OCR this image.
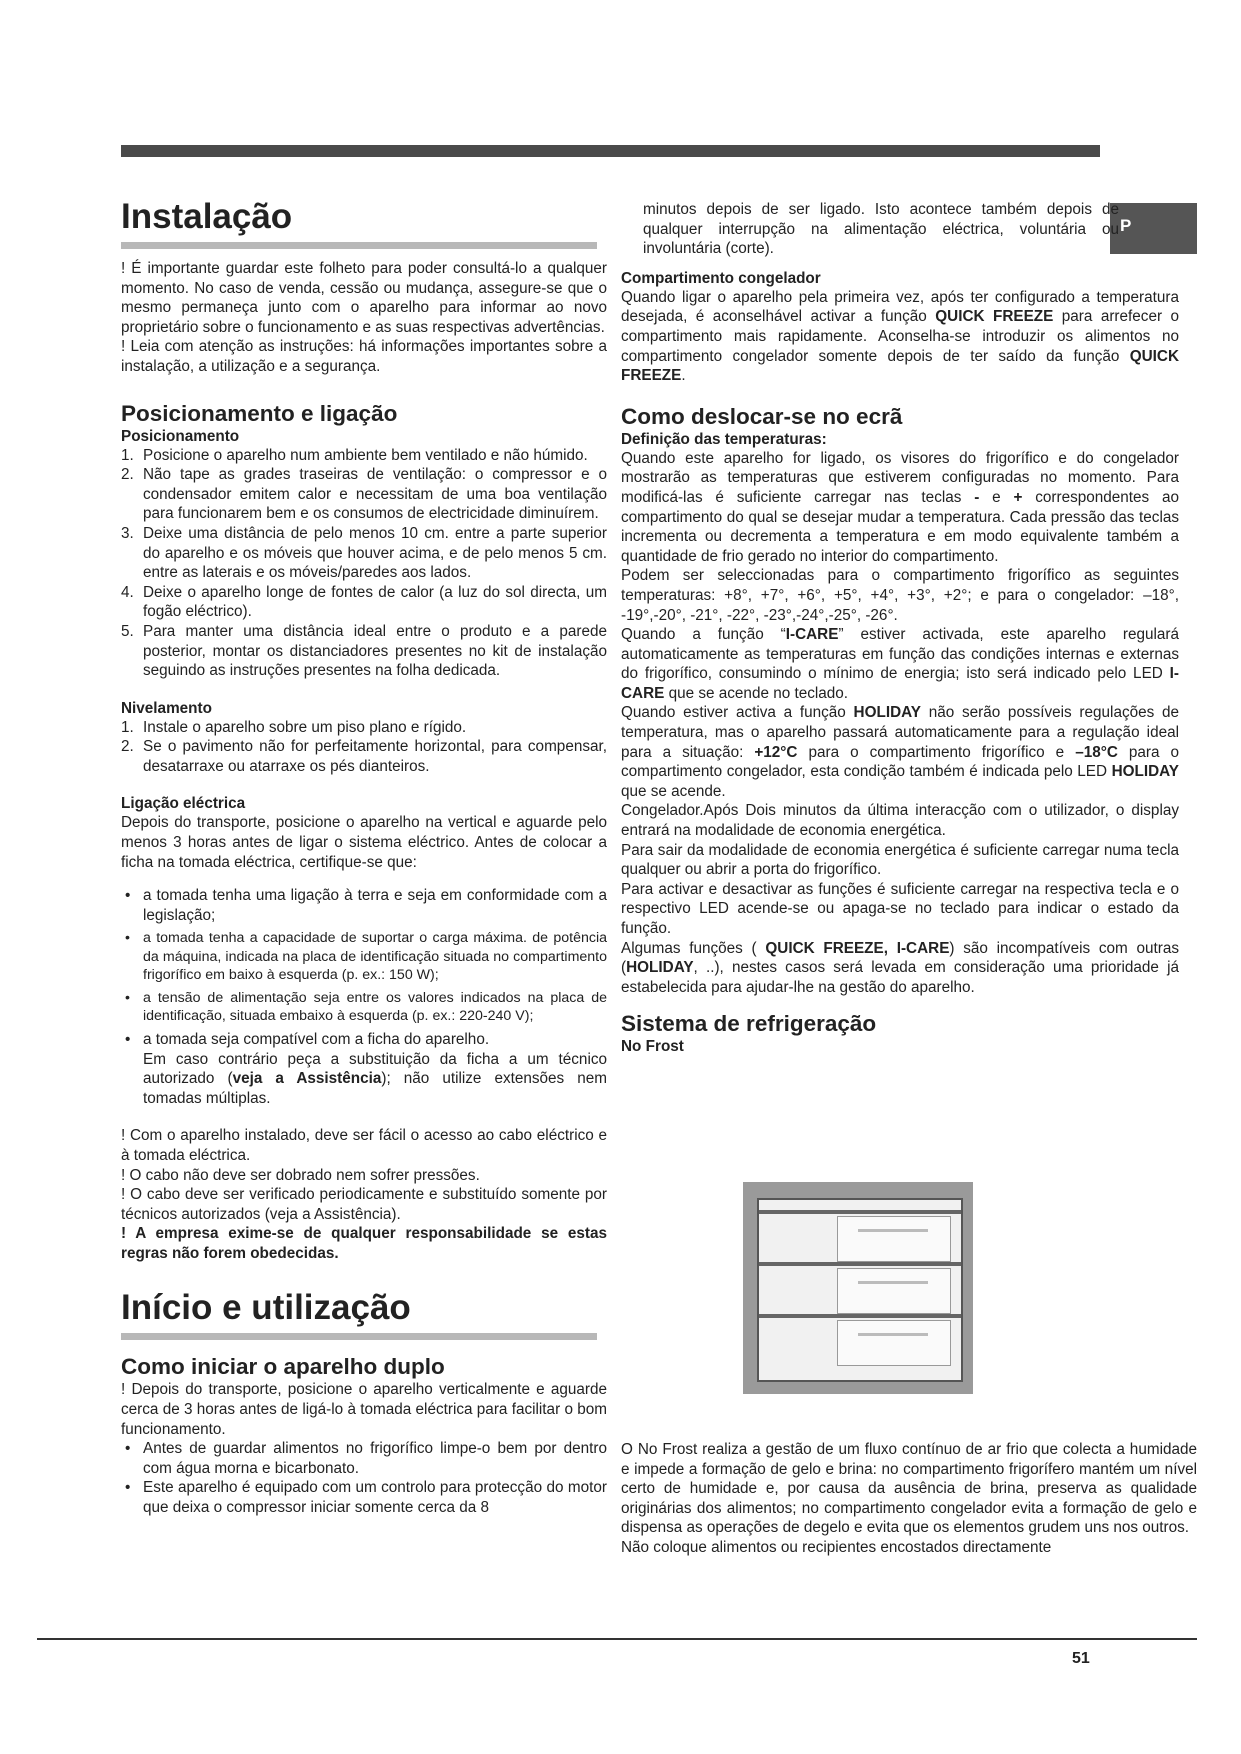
P
Instalação

! É importante guardar este folheto para poder consultá-lo a qualquer momento. No caso de venda, cessão ou mudança, assegure-se que o mesmo permaneça junto com o aparelho para informar ao novo proprietário sobre o funcionamento e as suas respectivas advertências.

! Leia com atenção as instruções: há informações importantes sobre a instalação, a utilização e a segurança.

Posicionamento e ligação
Posicionamento
1. Posicione o aparelho num ambiente bem ventilado e não húmido.
2. Não tape as grades traseiras de ventilação: o compressor e o condensador emitem calor e necessitam de uma boa ventilação para funcionarem bem e os consumos de electricidade diminuírem.
3. Deixe uma distância de pelo menos 10 cm. entre a parte superior do aparelho e os móveis que houver acima, e de pelo menos 5 cm. entre as laterais e os móveis/paredes aos lados.
4. Deixe o aparelho longe de fontes de calor (a luz do sol directa, um fogão eléctrico).
5. Para manter uma distância ideal entre o produto e a parede posterior, montar os distanciadores presentes no kit de instalação seguindo as instruções presentes na folha dedicada.
Nivelamento
1. Instale o aparelho sobre um piso plano e rígido.
2. Se o pavimento não for perfeitamente horizontal, para compensar, desatarraxe ou atarraxe os pés dianteiros.
Ligação eléctrica

Depois do transporte, posicione o aparelho na vertical e aguarde pelo menos 3 horas antes de ligar o sistema eléctrico. Antes de colocar a ficha na tomada eléctrica, certifique-se que:

• a tomada tenha uma ligação à terra e seja em conformidade com a legislação;
• a tomada tenha a capacidade de suportar o carga máxima. de potência da máquina, indicada na placa de identificação situada no compartimento frigorífico em baixo à esquerda (p. ex.: 150 W);
• a tensão de alimentação seja entre os valores indicados na placa de identificação, situada embaixo à esquerda (p. ex.: 220-240 V);
• a tomada seja compatível com a ficha do aparelho.

Em caso contrário peça a substituição da ficha a um técnico autorizado (veja a Assistência); não utilize extensões nem tomadas múltiplas.

! Com o aparelho instalado, deve ser fácil o acesso ao cabo eléctrico e à tomada eléctrica.

! O cabo não deve ser dobrado nem sofrer pressões.

! O cabo deve ser verificado periodicamente e substituído somente por técnicos autorizados (veja a Assistência).

! A empresa exime-se de qualquer responsabilidade se estas regras não forem obedecidas.

Início e utilização
Como iniciar o aparelho duplo

! Depois do transporte, posicione o aparelho verticalmente e aguarde cerca de 3 horas antes de ligá-lo à tomada eléctrica para facilitar o bom funcionamento.

• Antes de guardar alimentos no frigorífico limpe-o bem por dentro com água morna e bicarbonato.
• Este aparelho é equipado com um controlo para protecção do motor que deixa o compressor iniciar somente cerca da 8

minutos depois de ser ligado. Isto acontece também depois de qualquer interrupção na alimentação eléctrica, voluntária ou involuntária (corte).

Compartimento congelador

Quando ligar o aparelho pela primeira vez, após ter configurado a temperatura desejada, é aconselhável activar a função QUICK FREEZE para arrefecer o compartimento mais rapidamente. Aconselha-se introduzir os alimentos no compartimento congelador somente depois de ter saído da função QUICK FREEZE.

Como deslocar-se no ecrã
Definição das temperaturas:

Quando este aparelho for ligado, os visores do frigorífico e do congelador mostrarão as temperaturas que estiverem configuradas no momento. Para modificá-las é suficiente carregar nas teclas - e + correspondentes ao compartimento do qual se desejar mudar a temperatura. Cada pressão das teclas incrementa ou decrementa a temperatura e em modo equivalente também a quantidade de frio gerado no interior do compartimento.

Podem ser seleccionadas para o compartimento frigorífico as seguintes temperaturas: +8°, +7°, +6°, +5°, +4°, +3°, +2°; e para o congelador: –18°, -19°,-20°, -21°, -22°, -23°,-24°,-25°, -26°.

Quando a função “I-CARE” estiver activada, este aparelho regulará automaticamente as temperaturas em função das condições internas e externas do frigorífico, consumindo o mínimo de energia; isto será indicado pelo LED I-CARE que se acende no teclado.

Quando estiver activa a função HOLIDAY não serão possíveis regulações de temperatura, mas o aparelho passará automaticamente para a regulação ideal para a situação: +12°C para o compartimento frigorífico e –18°C para o compartimento congelador, esta condição também é indicada pelo LED HOLIDAY que se acende.

Congelador.Após Dois minutos da última interacção com o utilizador, o display entrará na modalidade de economia energética.

Para sair da modalidade de economia energética é suficiente carregar numa tecla qualquer ou abrir a porta do frigorífico.

Para activar e desactivar as funções é suficiente carregar na respectiva tecla e o respectivo LED acende-se ou apaga-se no teclado para indicar o estado da função.

Algumas funções ( QUICK FREEZE, I-CARE) são incompatíveis com outras (HOLIDAY, ..), nestes casos será levada em consideração uma prioridade já estabelecida para ajudar-lhe na gestão do aparelho.

Sistema de refrigeração
No Frost

O No Frost realiza a gestão de um fluxo contínuo de ar frio que colecta a humidade e impede a formação de gelo e brina: no compartimento frigorífero mantém um nível certo de humidade e, por causa da ausência de brina, preserva as qualidade originárias dos alimentos; no compartimento congelador evita a formação de gelo e dispensa as operações de degelo e evita que os elementos grudem uns nos outros.

Não coloque alimentos ou recipientes encostados directamente

51
